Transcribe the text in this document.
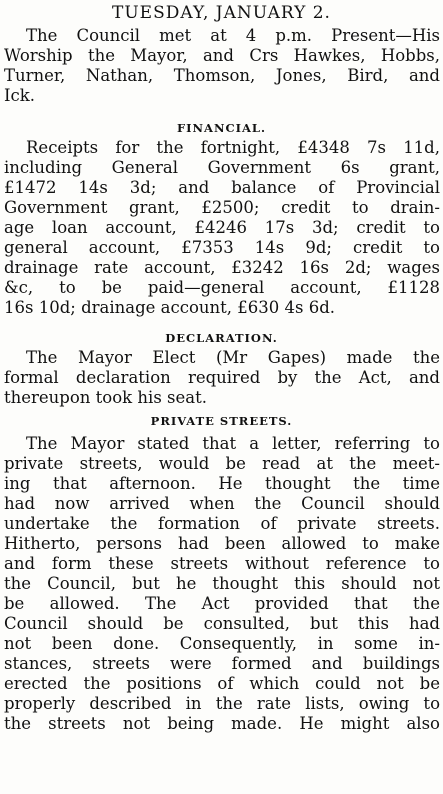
TUESDAY, JANUARY 2.
The Council met at 4 p.m. Present—His
Worship the Mayor, and Crs Hawkes, Hobbs,
Turner, Nathan, Thomson, Jones, Bird, and
Ick.
FINANCIAL.
Receipts for the fortnight, £4348 7s 11d,
including General Government 6s grant,
£1472 14s 3d; and balance of Provincial
Government grant, £2500; credit to drain-
age loan account, £4246 17s 3d; credit to
general account, £7353 14s 9d; credit to
drainage rate account, £3242 16s 2d; wages
&c, to be paid—general account, £1128
16s 10d; drainage account, £630 4s 6d.
DECLARATION.
The Mayor Elect (Mr Gapes) made the
formal declaration required by the Act, and
thereupon took his seat.
PRIVATE STREETS.
The Mayor stated that a letter, referring to
private streets, would be read at the meet-
ing that afternoon. He thought the time
had now arrived when the Council should
undertake the formation of private streets.
Hitherto, persons had been allowed to make
and form these streets without reference to
the Council, but he thought this should not
be allowed. The Act provided that the
Council should be consulted, but this had
not been done. Consequently, in some in-
stances, streets were formed and buildings
erected the positions of which could not be
properly described in the rate lists, owing to
the streets not being made. He might also
